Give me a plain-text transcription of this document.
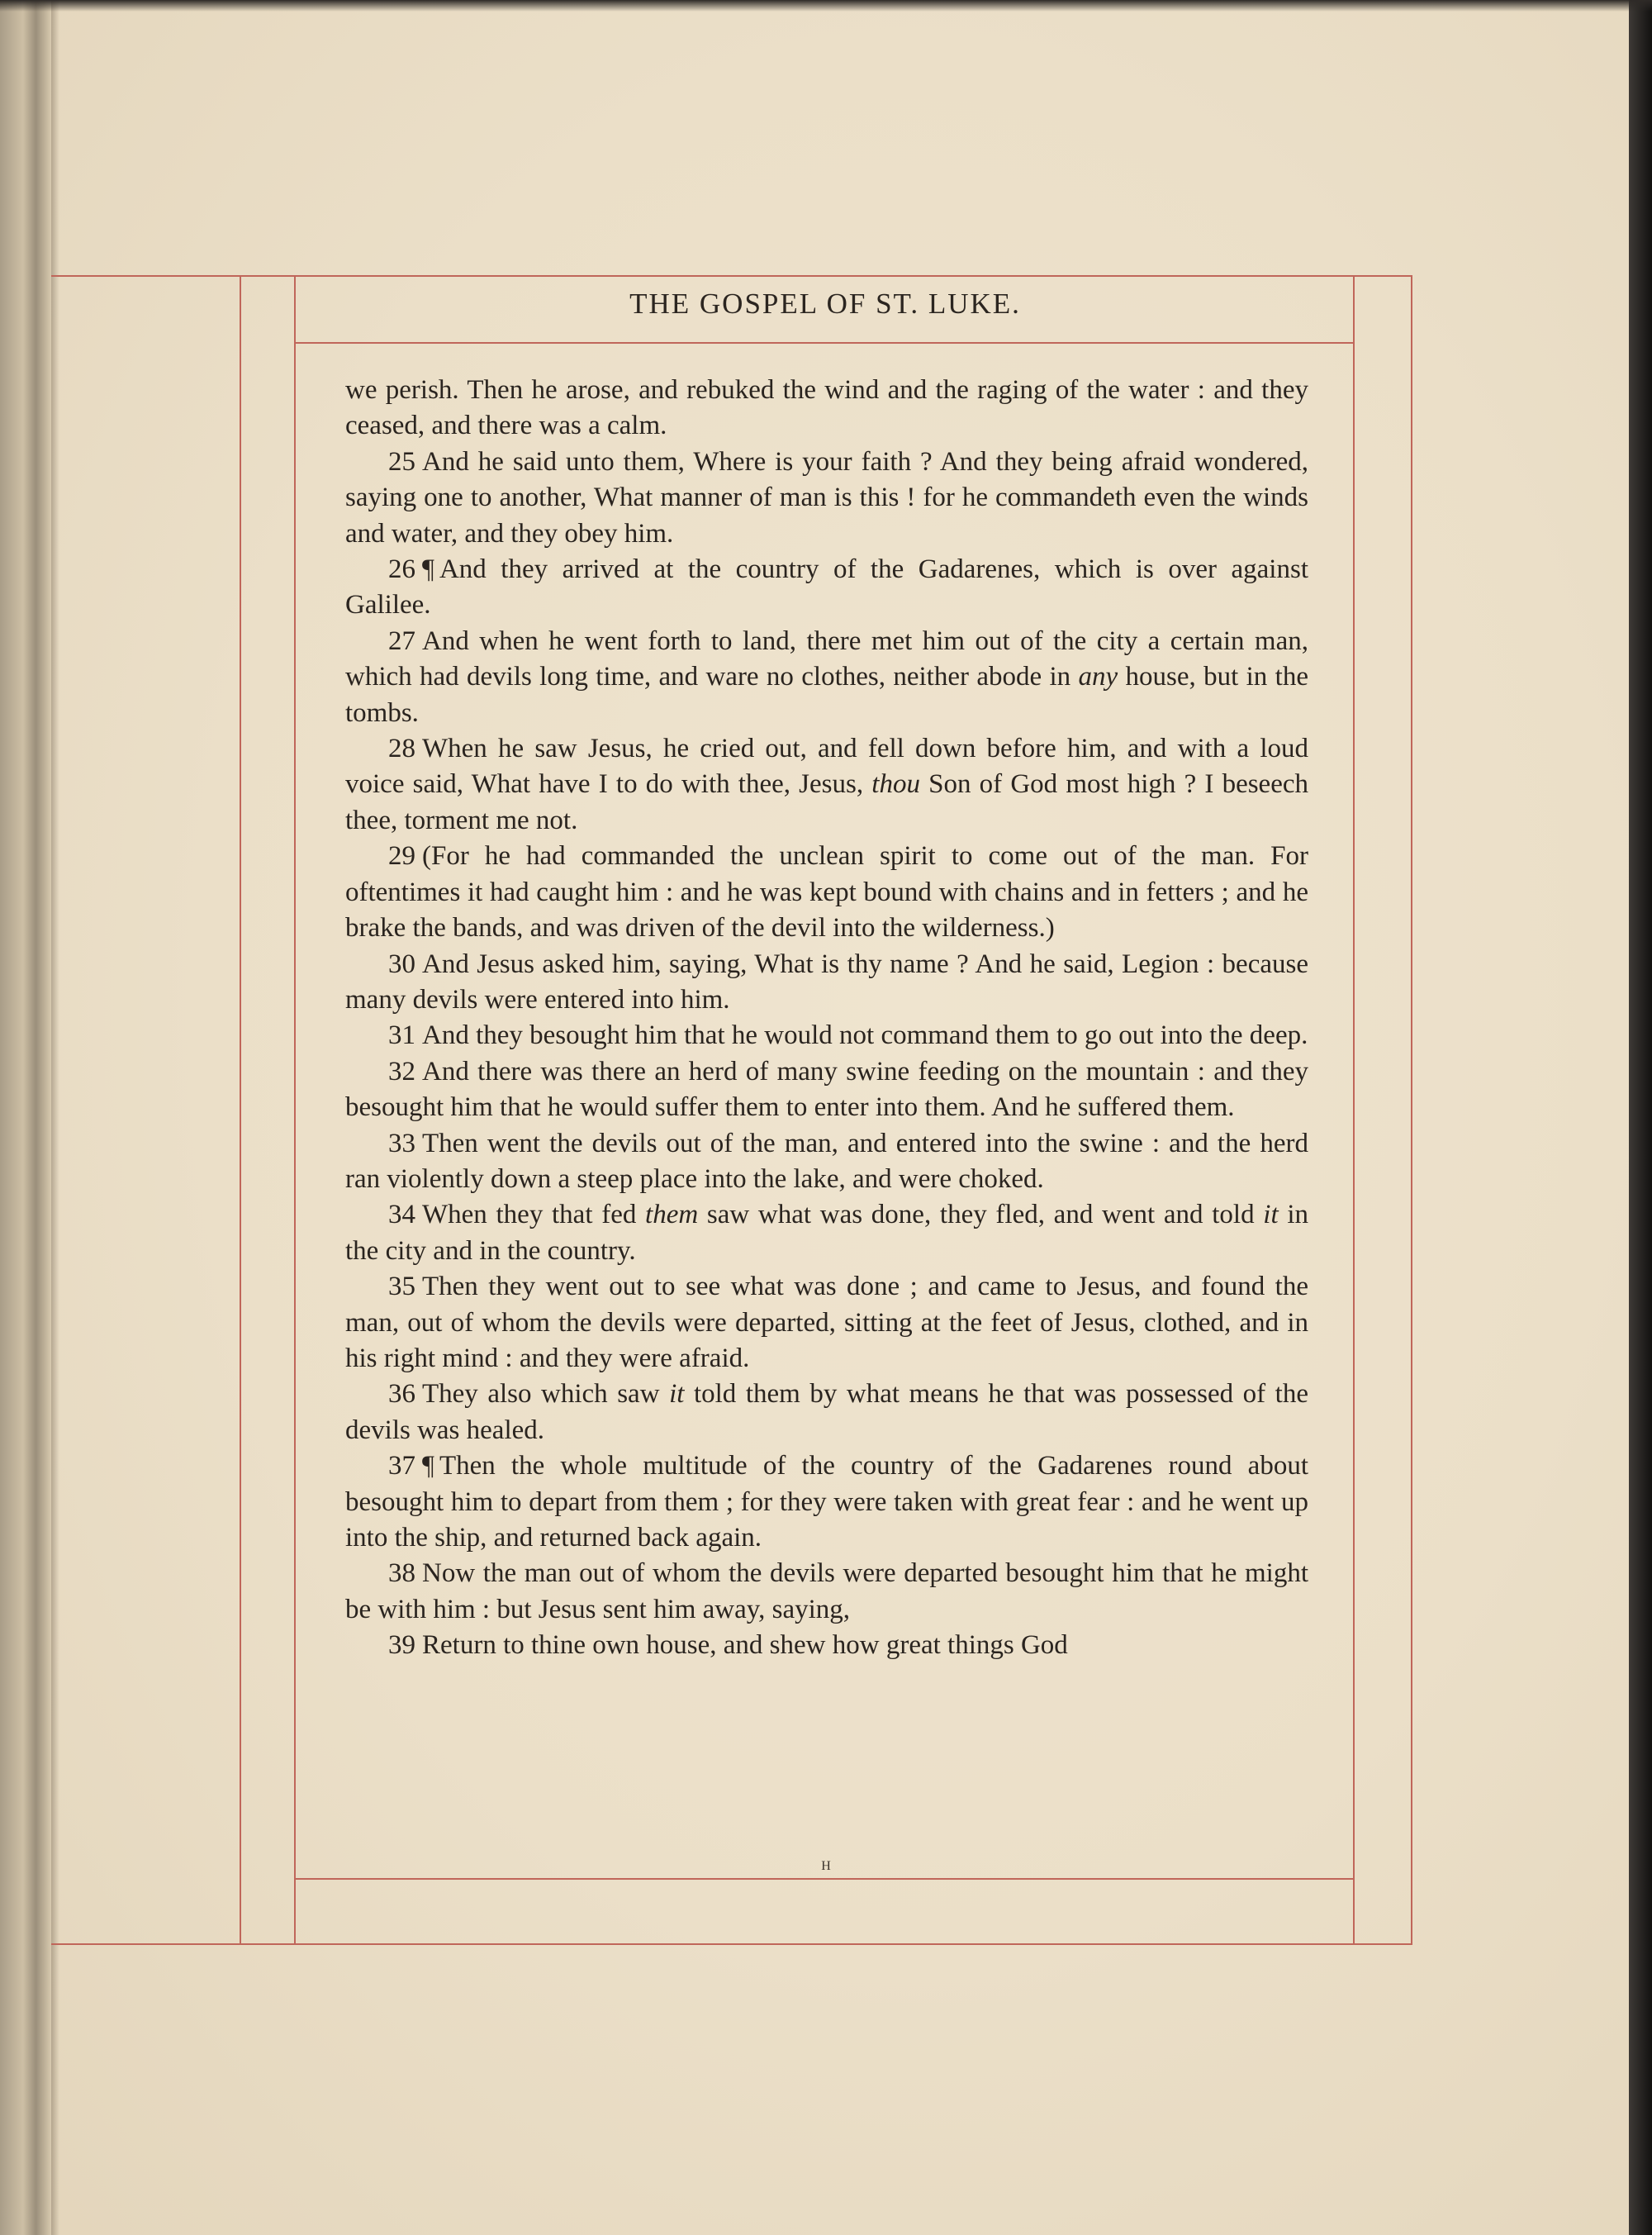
THE GOSPEL OF ST. LUKE.

we perish. Then he arose, and rebuked the wind and the raging of the water : and they ceased, and there was a calm.

25 And he said unto them, Where is your faith ? And they being afraid wondered, saying one to another, What manner of man is this ! for he commandeth even the winds and water, and they obey him.

26 ¶ And they arrived at the country of the Gadarenes, which is over against Galilee.

27 And when he went forth to land, there met him out of the city a certain man, which had devils long time, and ware no clothes, neither abode in any house, but in the tombs.

28 When he saw Jesus, he cried out, and fell down before him, and with a loud voice said, What have I to do with thee, Jesus, thou Son of God most high ? I beseech thee, torment me not.

29 (For he had commanded the unclean spirit to come out of the man. For oftentimes it had caught him : and he was kept bound with chains and in fetters ; and he brake the bands, and was driven of the devil into the wilderness.)

30 And Jesus asked him, saying, What is thy name ? And he said, Legion : because many devils were entered into him.

31 And they besought him that he would not command them to go out into the deep.

32 And there was there an herd of many swine feeding on the mountain : and they besought him that he would suffer them to enter into them. And he suffered them.

33 Then went the devils out of the man, and entered into the swine : and the herd ran violently down a steep place into the lake, and were choked.

34 When they that fed them saw what was done, they fled, and went and told it in the city and in the country.

35 Then they went out to see what was done ; and came to Jesus, and found the man, out of whom the devils were departed, sitting at the feet of Jesus, clothed, and in his right mind : and they were afraid.

36 They also which saw it told them by what means he that was possessed of the devils was healed.

37 ¶ Then the whole multitude of the country of the Gadarenes round about besought him to depart from them ; for they were taken with great fear : and he went up into the ship, and returned back again.

38 Now the man out of whom the devils were departed besought him that he might be with him : but Jesus sent him away, saying,

39 Return to thine own house, and shew how great things God

H
